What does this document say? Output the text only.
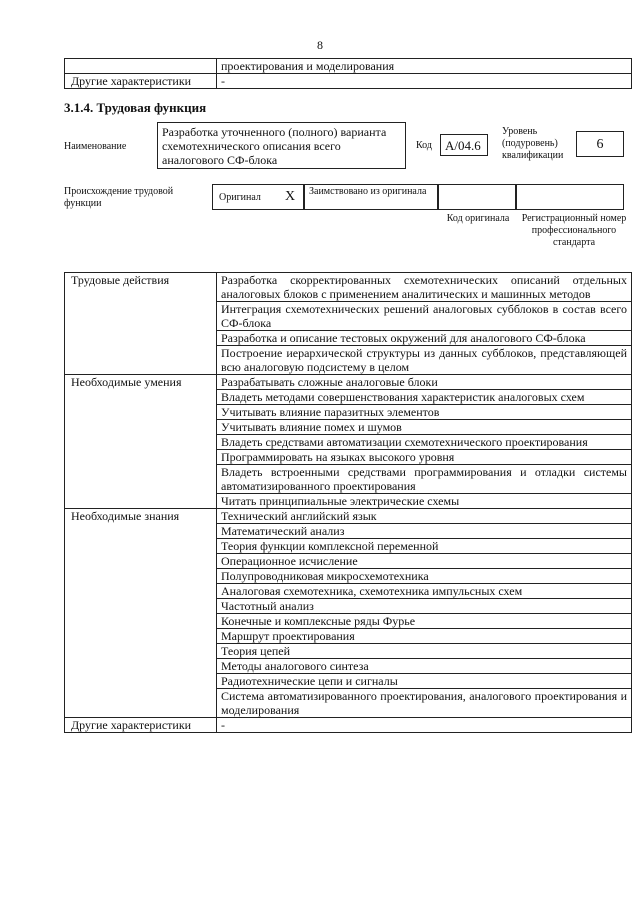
8
	проектирования и моделирования
Другие характеристики	-
3.1.4. Трудовая функция
Наименование
Разработка уточненного (полного) варианта схемотехнического описания всего аналогового СФ-блока
Код	A/04.6
Уровень (подуровень) квалификации
6
Происхождение трудовой функции
Оригинал X Заимствовано из оригинала
Код оригинала	Регистрационный номер профессионального стандарта
Трудовые действия	Разработка скорректированных схемотехнических описаний отдельных аналоговых блоков с применением аналитических и машинных методов
	Интеграция схемотехнических решений аналоговых субблоков в состав всего СФ-блока
	Разработка и описание тестовых окружений для аналогового СФ-блока
	Построение иерархической структуры из данных субблоков, представляющей всю аналоговую подсистему в целом
Необходимые умения	Разрабатывать сложные аналоговые блоки
	Владеть методами совершенствования характеристик аналоговых схем
	Учитывать влияние паразитных элементов
	Учитывать влияние помех и шумов
	Владеть средствами автоматизации схемотехнического проектирования
	Программировать на языках высокого уровня
	Владеть встроенными средствами программирования и отладки системы автоматизированного проектирования
	Читать принципиальные электрические схемы
Необходимые знания	Технический английский язык
	Математический анализ
	Теория функции комплексной переменной
	Операционное исчисление
	Полупроводниковая микросхемотехника
	Аналоговая схемотехника, схемотехника импульсных схем
	Частотный анализ
	Конечные и комплексные ряды Фурье
	Маршрут проектирования
	Теория цепей
	Методы аналогового синтеза
	Радиотехнические цепи и сигналы
	Система автоматизированного проектирования, аналогового проектирования и моделирования
Другие характеристики	-
